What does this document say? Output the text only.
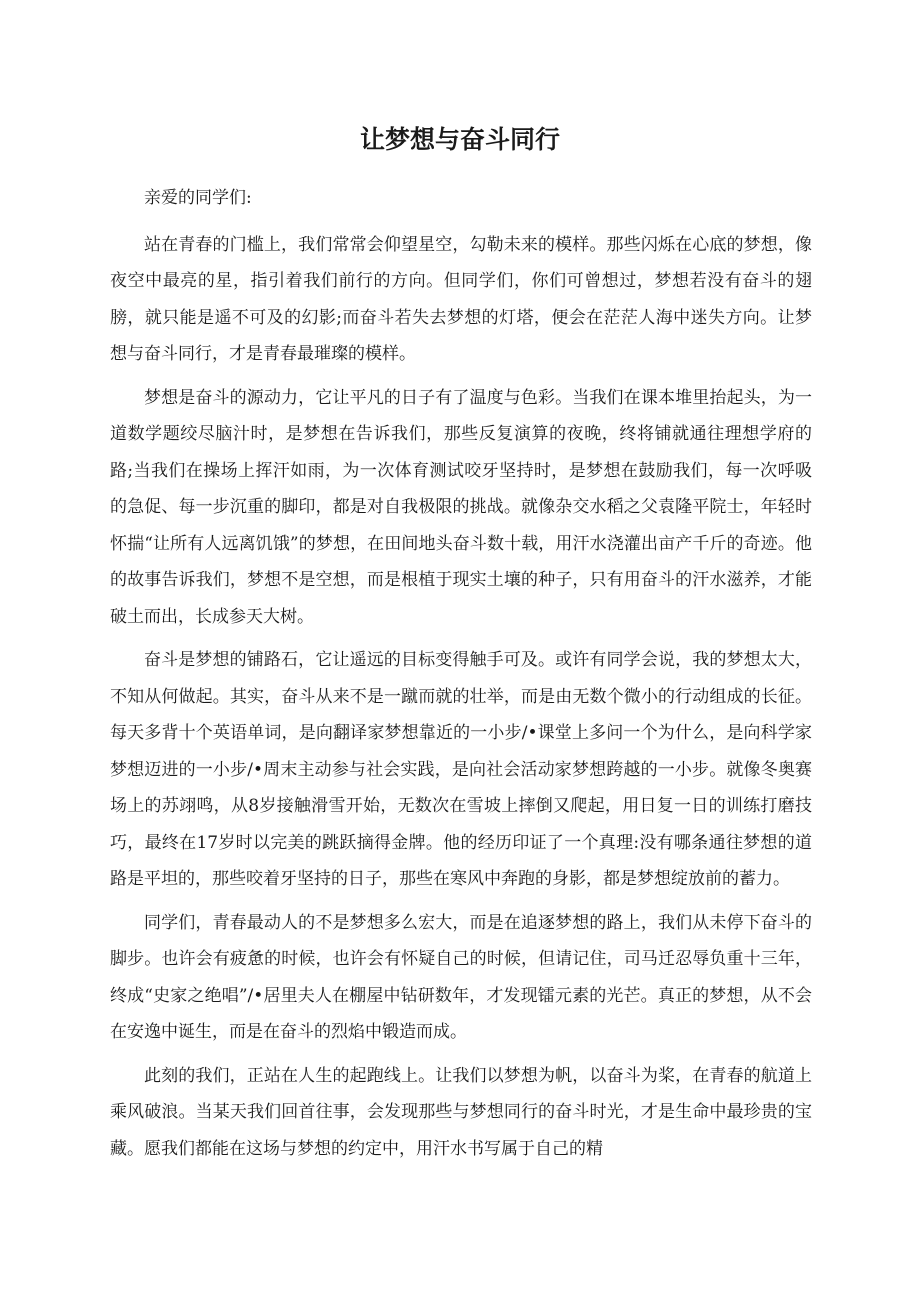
让梦想与奋斗同行

亲爱的同学们:

站在青春的门槛上，我们常常会仰望星空，勾勒未来的模样。那些闪烁在心底的梦想，像夜空中最亮的星，指引着我们前行的方向。但同学们，你们可曾想过，梦想若没有奋斗的翅膀，就只能是遥不可及的幻影;而奋斗若失去梦想的灯塔，便会在茫茫人海中迷失方向。让梦想与奋斗同行，才是青春最璀璨的模样。

梦想是奋斗的源动力，它让平凡的日子有了温度与色彩。当我们在课本堆里抬起头，为一道数学题绞尽脑汁时，是梦想在告诉我们，那些反复演算的夜晚，终将铺就通往理想学府的路;当我们在操场上挥汗如雨，为一次体育测试咬牙坚持时，是梦想在鼓励我们，每一次呼吸的急促、每一步沉重的脚印，都是对自我极限的挑战。就像杂交水稻之父袁隆平院士，年轻时怀揣“让所有人远离饥饿”的梦想，在田间地头奋斗数十载，用汗水浇灌出亩产千斤的奇迹。他的故事告诉我们，梦想不是空想，而是根植于现实土壤的种子，只有用奋斗的汗水滋养，才能破土而出，长成参天大树。

奋斗是梦想的铺路石，它让遥远的目标变得触手可及。或许有同学会说，我的梦想太大，不知从何做起。其实，奋斗从来不是一蹴而就的壮举，而是由无数个微小的行动组成的长征。每天多背十个英语单词，是向翻译家梦想靠近的一小步/•课堂上多问一个为什么，是向科学家梦想迈进的一小步/•周末主动参与社会实践，是向社会活动家梦想跨越的一小步。就像冬奥赛场上的苏翊鸣，从8岁接触滑雪开始，无数次在雪坡上摔倒又爬起，用日复一日的训练打磨技巧，最终在17岁时以完美的跳跃摘得金牌。他的经历印证了一个真理:没有哪条通往梦想的道路是平坦的，那些咬着牙坚持的日子，那些在寒风中奔跑的身影，都是梦想绽放前的蓄力。

同学们，青春最动人的不是梦想多么宏大，而是在追逐梦想的路上，我们从未停下奋斗的脚步。也许会有疲惫的时候，也许会有怀疑自己的时候，但请记住，司马迁忍辱负重十三年，终成“史家之绝唱”/•居里夫人在棚屋中钻研数年，才发现镭元素的光芒。真正的梦想，从不会在安逸中诞生，而是在奋斗的烈焰中锻造而成。

此刻的我们，正站在人生的起跑线上。让我们以梦想为帆，以奋斗为桨，在青春的航道上乘风破浪。当某天我们回首往事，会发现那些与梦想同行的奋斗时光，才是生命中最珍贵的宝藏。愿我们都能在这场与梦想的约定中，用汗水书写属于自己的精
